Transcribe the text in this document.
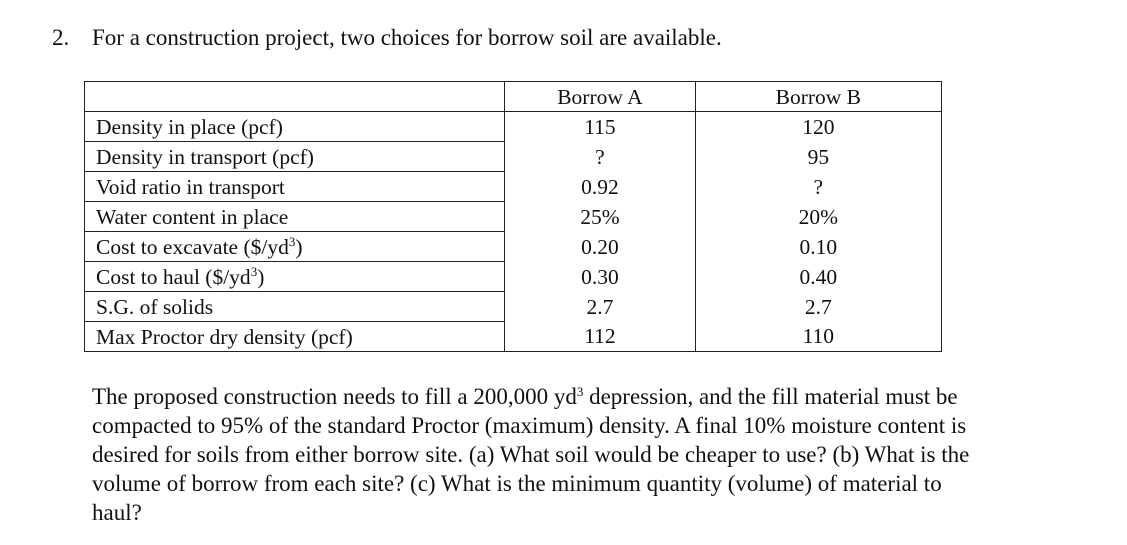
2. For a construction project, two choices for borrow soil are available.
	Borrow A	Borrow B
Density in place (pcf)	115	120
Density in transport (pcf)	?	95
Void ratio in transport	0.92	?
Water content in place	25%	20%
Cost to excavate $(\$/yd^3)$	0.20	0.10
Cost to haul $(\$/yd^3)$	0.30	0.40
S.G. of solids	2.7	2.7
Max Proctor dry density (pcf)	112	110
The proposed construction needs to fill a 200,000 $yd^3$ depression, and the fill material must be compacted to 95% of the standard Proctor (maximum) density. A final 10% moisture content is desired for soils from either borrow site. (a) What soil would be cheaper to use? (b) What is the volume of borrow from each site? (c) What is the minimum quantity (volume) of material to haul?
